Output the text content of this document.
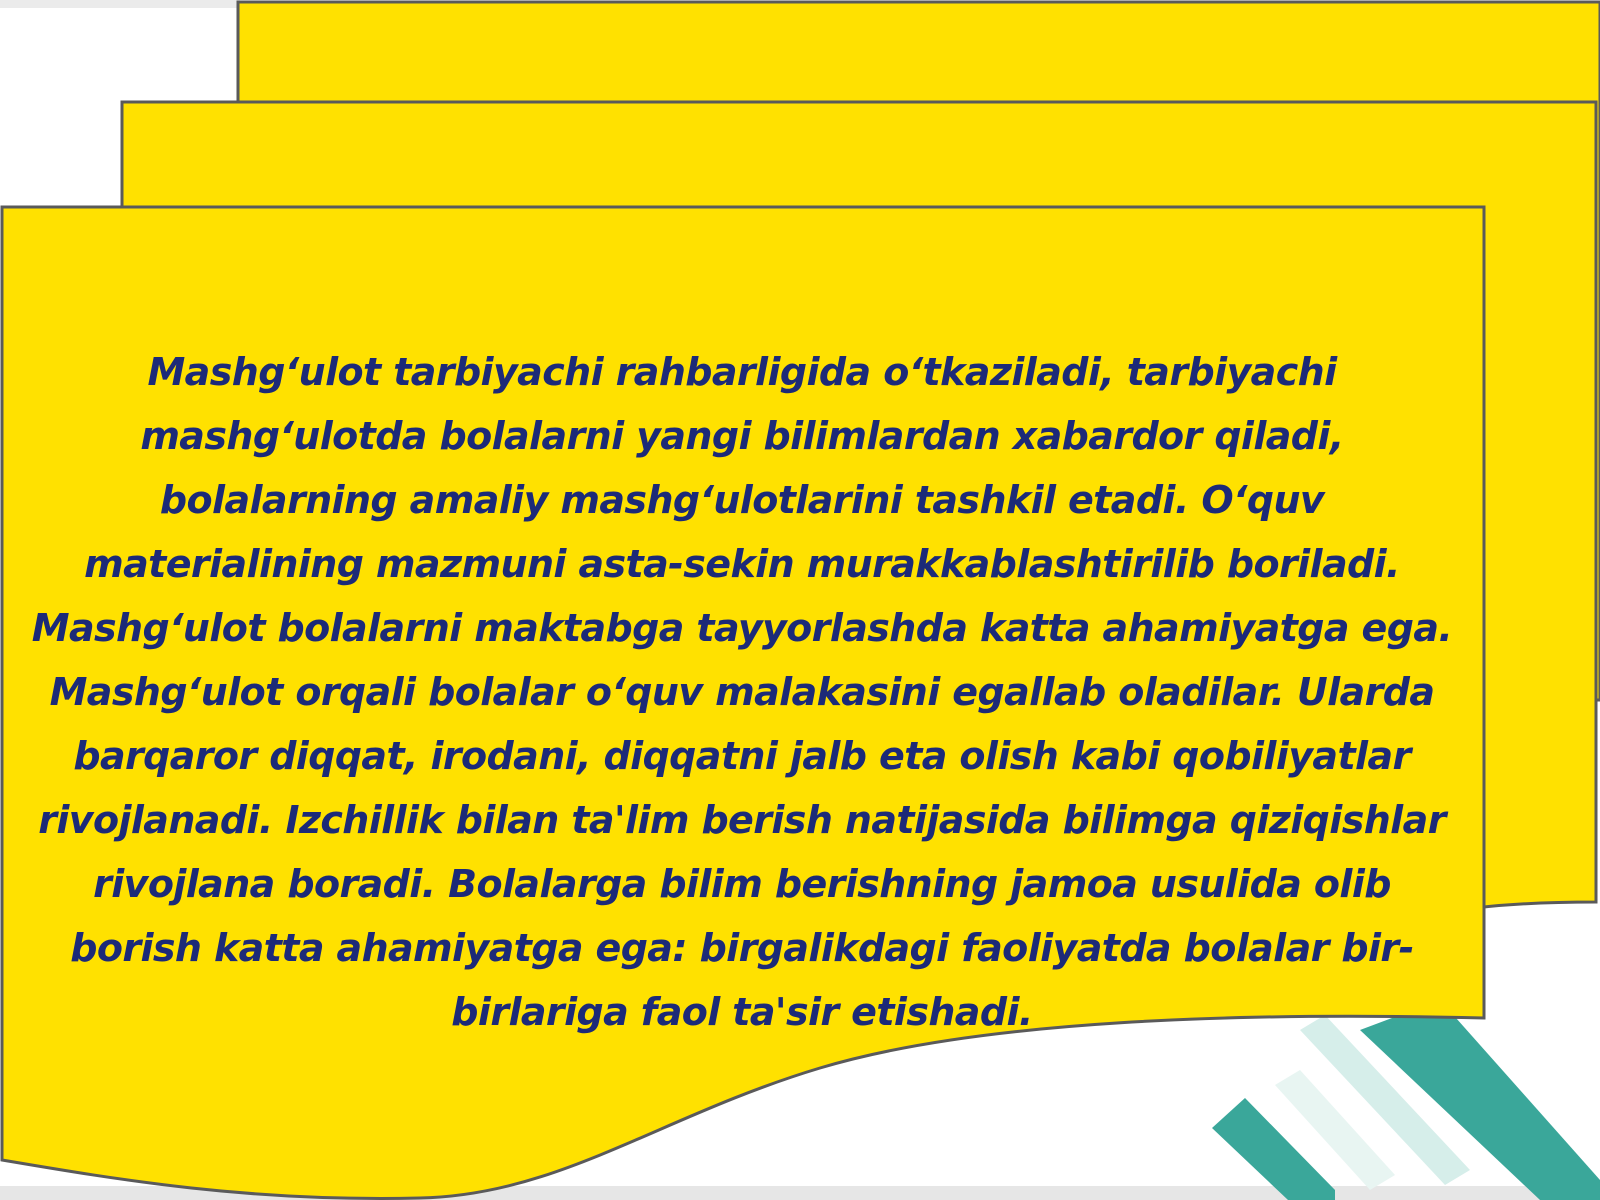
Mashg‘ulot tarbiyachi rahbarligida o‘tkaziladi, tarbiyachi mashg‘ulotda bolalarni yangi bilimlardan xabardor qiladi, bolalarning amaliy mashg‘ulotlarini tashkil etadi. O‘quv materialining mazmuni asta-sekin murakkablashtirilib boriladi. Mashg‘ulot bolalarni maktabga tayyorlashda katta ahamiyatga ega. Mashg‘ulot orqali bolalar o‘quv malakasini egallab oladilar. Ularda barqaror diqqat, irodani, diqqatni jalb eta olish kabi qobiliyatlar rivojlanadi. Izchillik bilan ta'lim berish natijasida bilimga qiziqishlar rivojlana boradi. Bolalarga bilim berishning jamoa usulida olib borish katta ahamiyatga ega: birgalikdagi faoliyatda bolalar bir-birlariga faol ta'sir etishadi.
